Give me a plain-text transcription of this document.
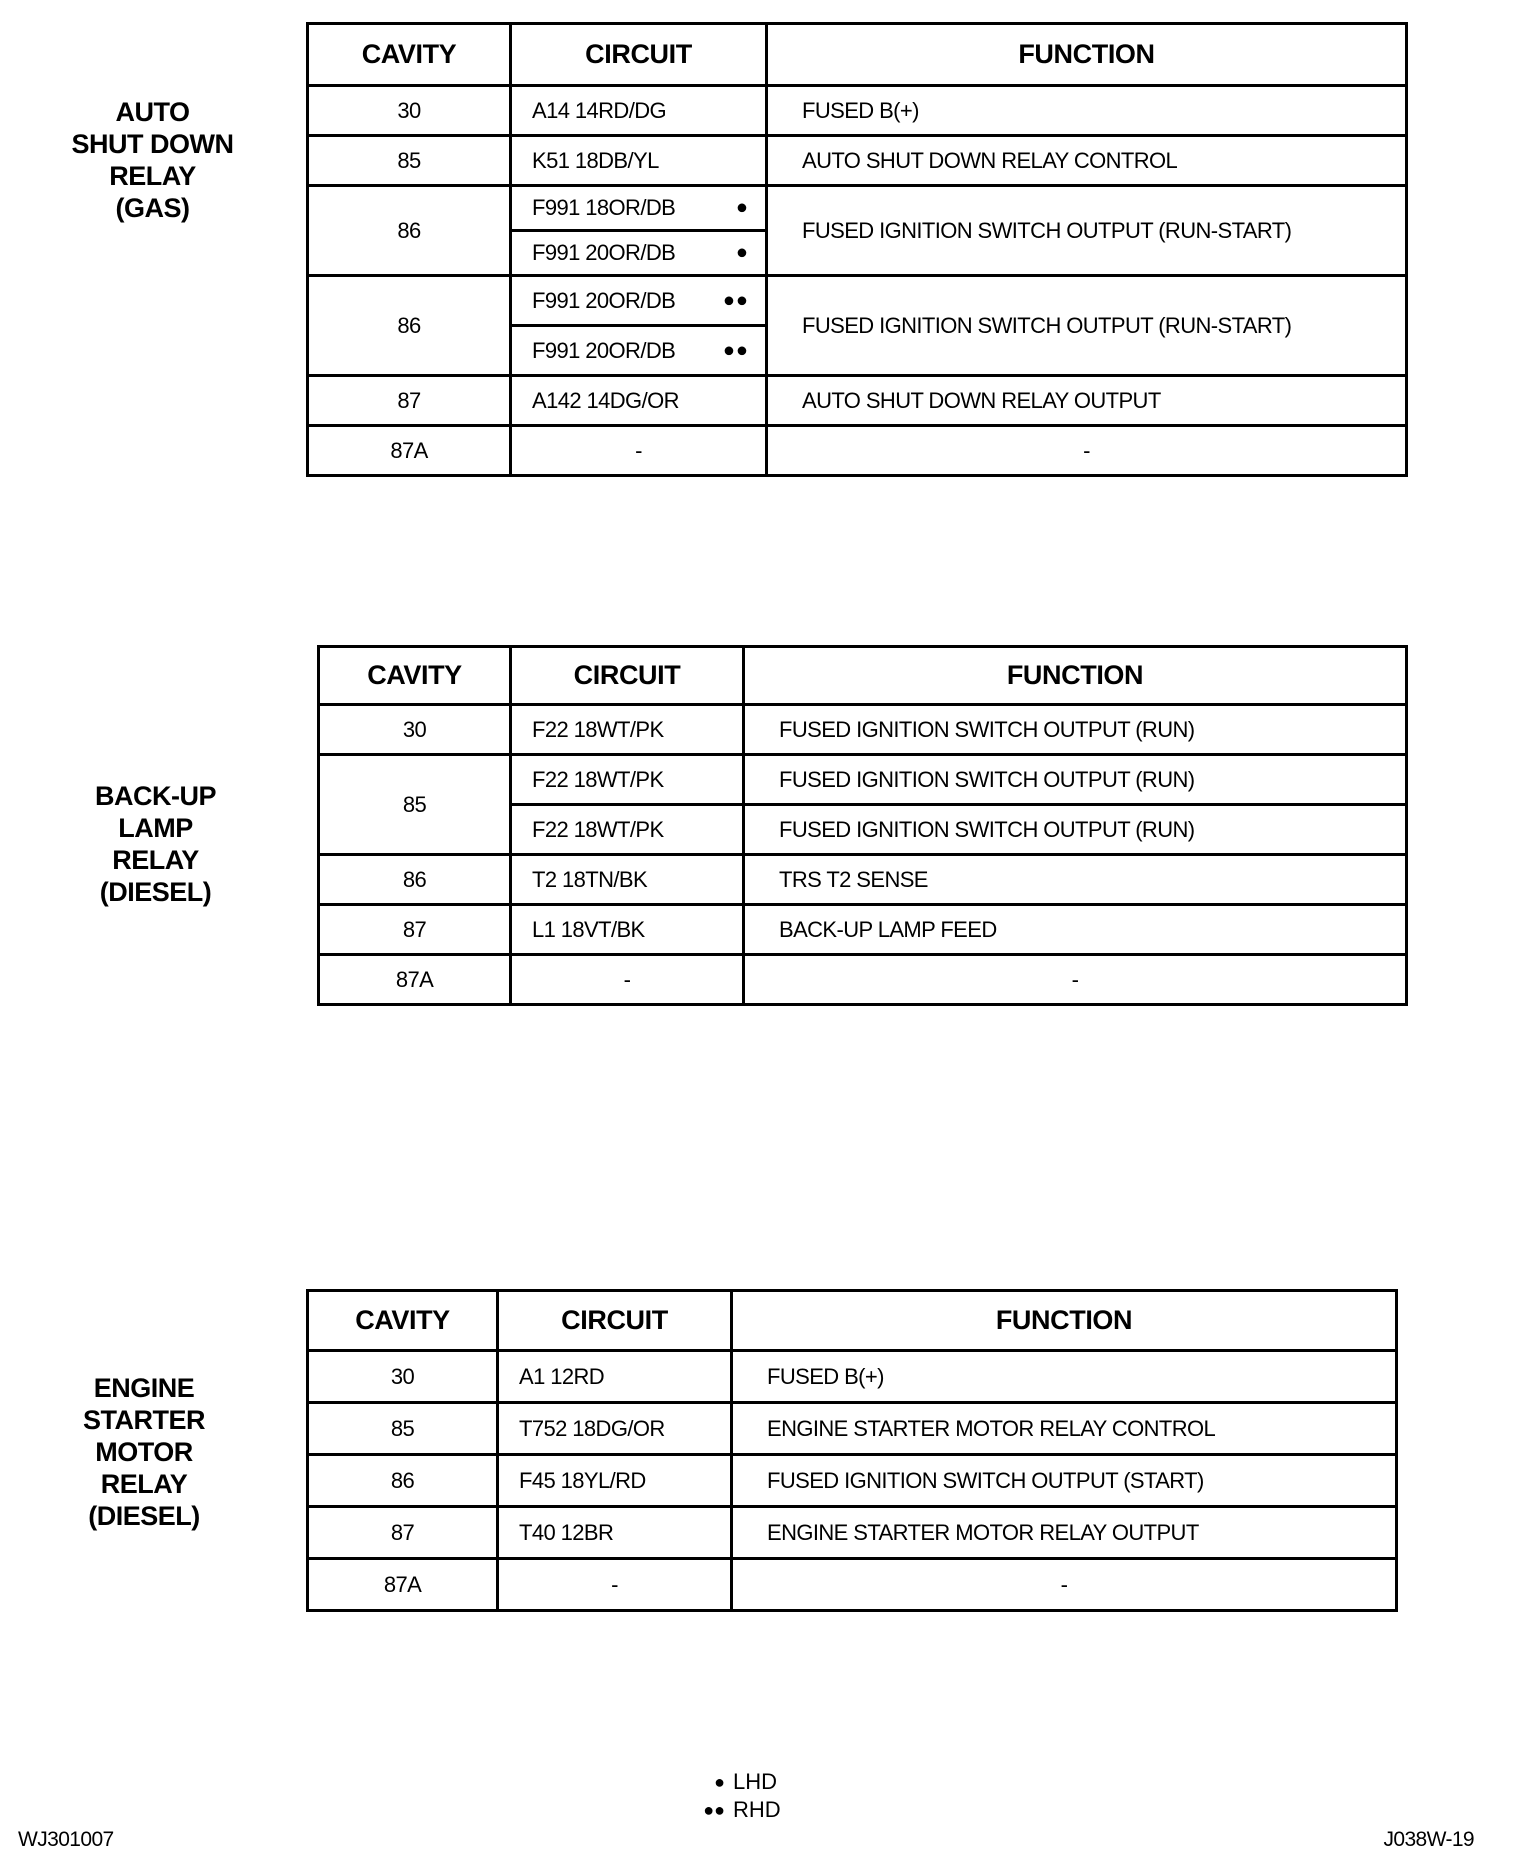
AUTO
SHUT DOWN
RELAY
(GAS)
CAVITY	CIRCUIT	FUNCTION
30	A14 14RD/DG	FUSED B(+)
85	K51 18DB/YL	AUTO SHUT DOWN RELAY CONTROL
86	F991 18OR/DB ●	FUSED IGNITION SWITCH OUTPUT (RUN-START)
	F991 20OR/DB ●	

86	F991 20OR/DB ●●	FUSED IGNITION SWITCH OUTPUT (RUN-START)
	F991 20OR/DB ●●	

87	A142 14DG/OR	AUTO SHUT DOWN RELAY OUTPUT
87A	-	-
BACK-UP
LAMP
RELAY
(DIESEL)
CAVITY	CIRCUIT	FUNCTION
30	F22 18WT/PK	FUSED IGNITION SWITCH OUTPUT (RUN)
85	F22 18WT/PK	FUSED IGNITION SWITCH OUTPUT (RUN)
	F22 18WT/PK	FUSED IGNITION SWITCH OUTPUT (RUN)
86	T2 18TN/BK	TRS T2 SENSE
87	L1 18VT/BK	BACK-UP LAMP FEED
87A	-	-
ENGINE
STARTER
MOTOR
RELAY
(DIESEL)
CAVITY	CIRCUIT	FUNCTION
30	A1 12RD	FUSED B(+)
85	T752 18DG/OR	ENGINE STARTER MOTOR RELAY CONTROL
86	F45 18YL/RD	FUSED IGNITION SWITCH OUTPUT (START)
87	T40 12BR	ENGINE STARTER MOTOR RELAY OUTPUT
87A	-	-
● LHD
●● RHD
WJ301007	J038W-19
